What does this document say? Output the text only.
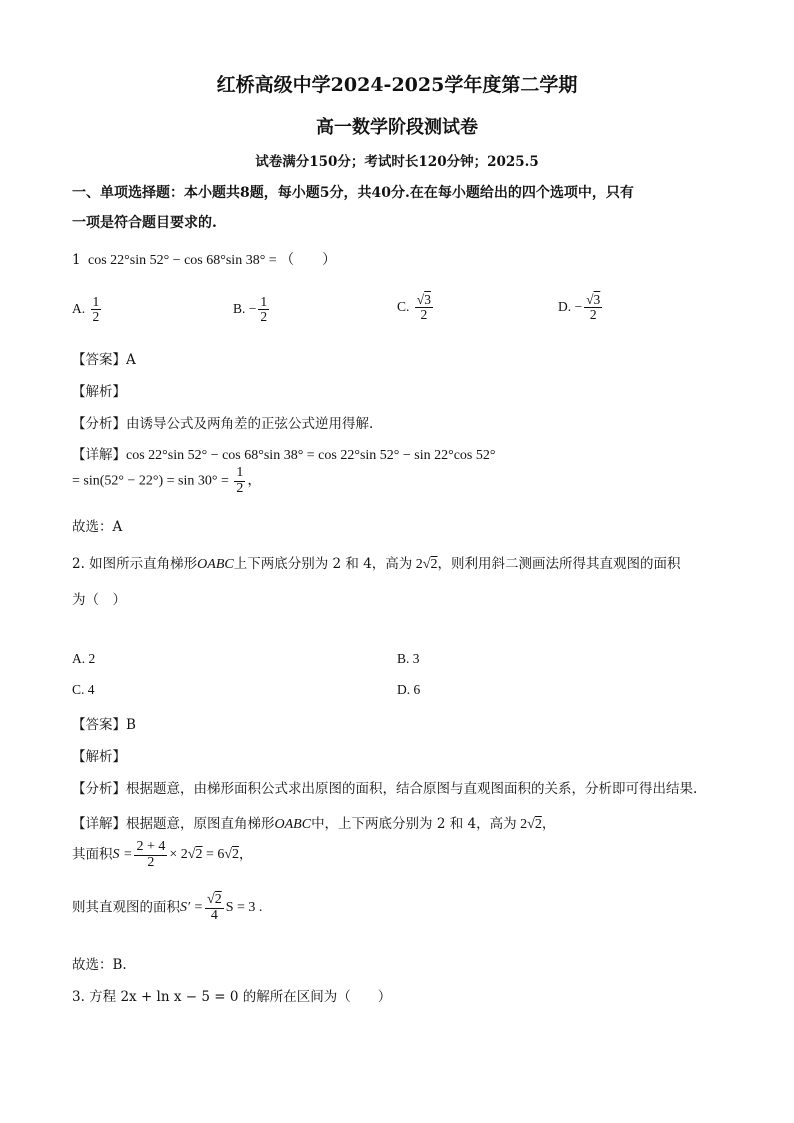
红桥高级中学2024-2025学年度第二学期
高一数学阶段测试卷
试卷满分150分；考试时长120分钟；2025.5
一、单项选择题：本小题共8题，每小题5分，共40分.在在每小题给出的四个选项中，只有
一项是符合题目要求的.
1 cos 22°sin 52° − cos 68°sin 38° = （　　）
A. $\frac{1}{2}$	B. − $\frac{1}{2}$	C. $\frac{√3}{2}$	D. − $\frac{√3}{2}$
【答案】A
【解析】
【分析】由诱导公式及两角差的正弦公式逆用得解.
【详解】cos 22°sin 52° − cos 68°sin 38° = cos 22°sin 52° − sin 22°cos 52°
= $\sin(52^\circ - 22^\circ) = \sin 30^\circ = \frac{1}{2}$ ，
故选：A
2. 如图所示直角梯形OABC上下两底分别为 2 和 4，高为 2√2，则利用斜二测画法所得其直观图的面积
为（　）
A. 2	B. 3
C. 4	D. 6
【答案】B
【解析】
【分析】根据题意，由梯形面积公式求出原图的面积，结合原图与直观图面积的关系，分析即可得出结果.
【详解】根据题意，原图直角梯形OABC中，上下两底分别为 2 和 4，高为 2√2，
其面积$S = \frac{2 + 4}{2} \times 2√2 = 6√2$，
则其直观图的面积$S' = \frac{√2}{4}$ S = 3 .
故选：B.
3. 方程 2x + ln x − 5 = 0 的解所在区间为（　　）
